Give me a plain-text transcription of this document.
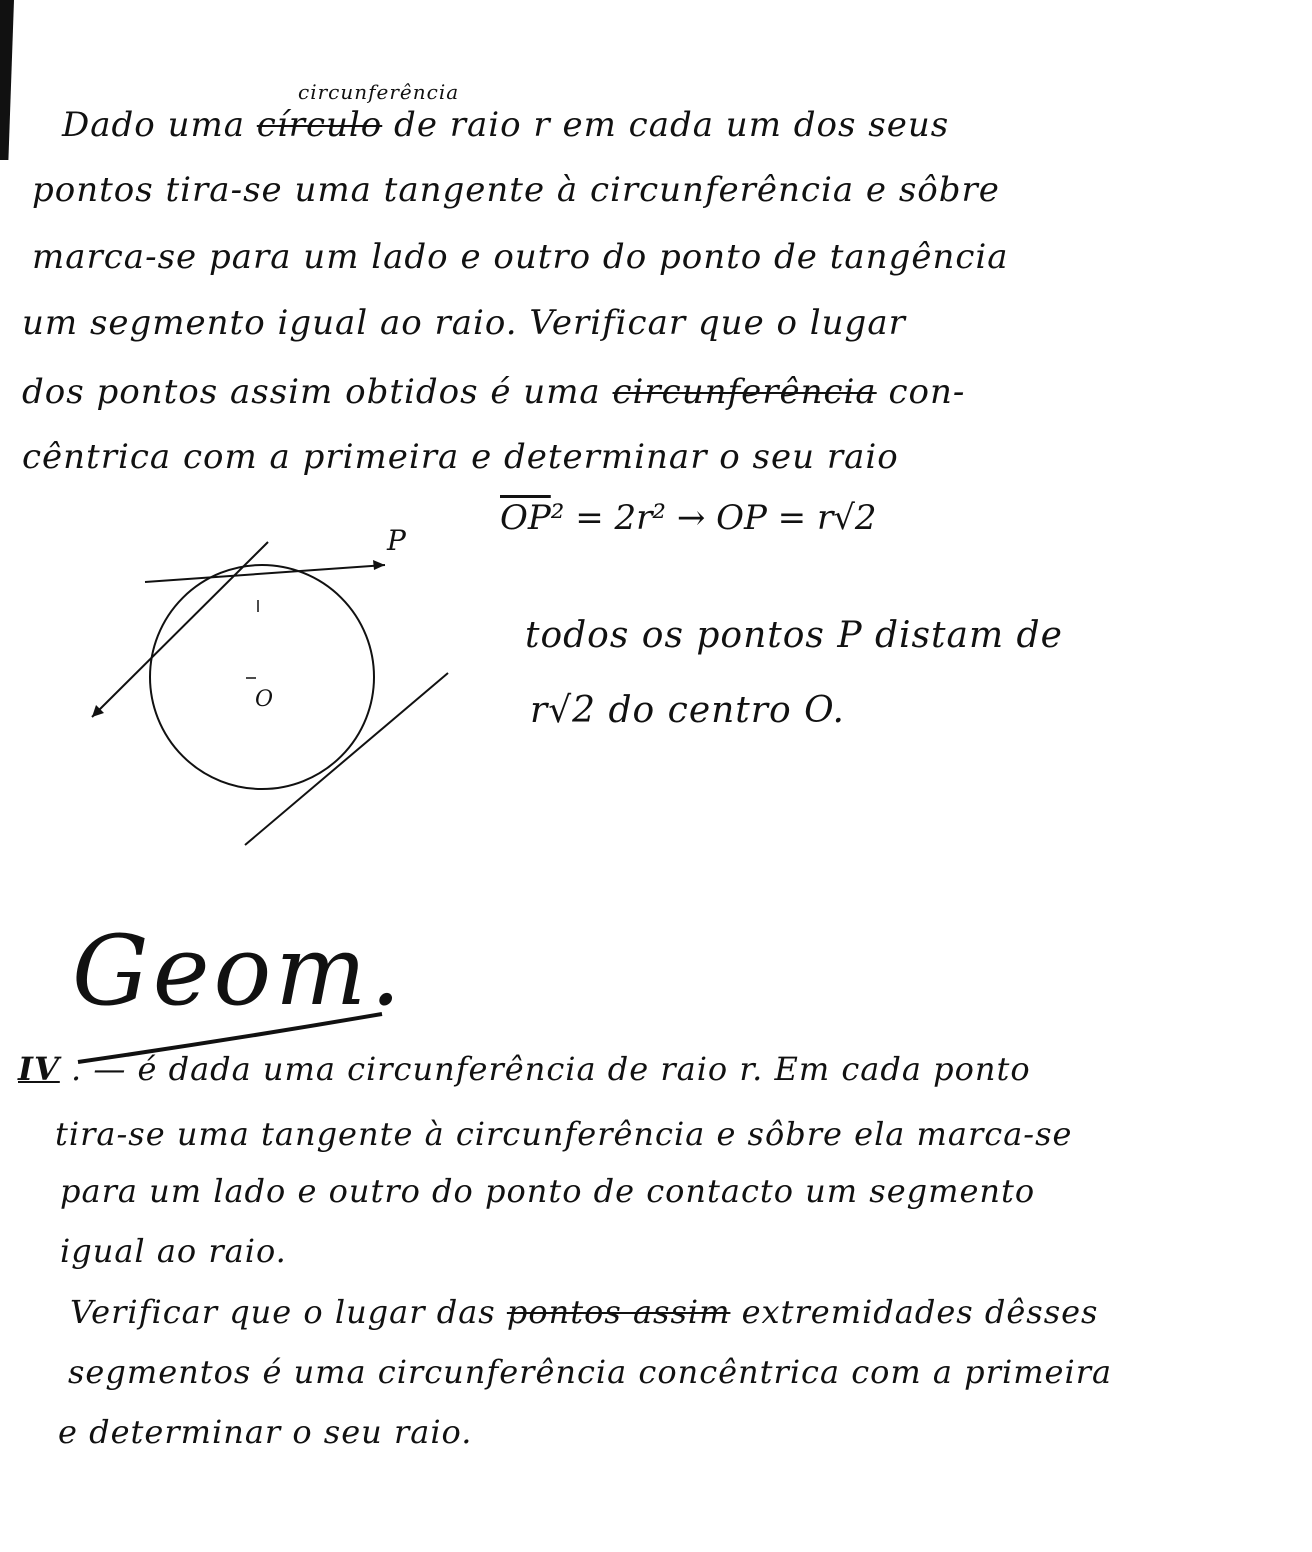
circunferência
Dado uma círculo de raio r em cada um dos seus
pontos tira-se uma tangente à circunferência e sôbre
marca-se para um lado e outro do ponto de tangência
um segmento igual ao raio. Verificar que o lugar
dos pontos assim obtidos é uma circunferência con-
cêntrica com a primeira e determinar o seu raio
O
P
$\overline{OP}^2 = 2r^2$ → OP = r√2
todos os pontos P distam de
r√2 do centro O.
Geom.
IV . — é dada uma circunferência de raio r. Em cada ponto
tira-se uma tangente à circunferência e sôbre ela marca-se
para um lado e outro do ponto de contacto um segmento
igual ao raio.
Verificar que o lugar das pontos assim extremidades dêsses
segmentos é uma circunferência concêntrica com a primeira
e determinar o seu raio.
